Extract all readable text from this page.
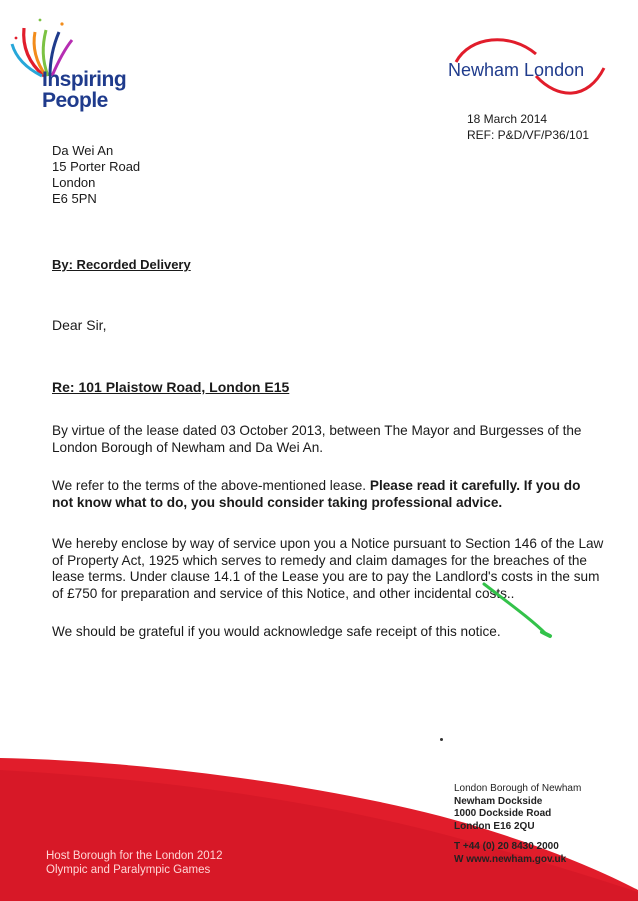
Inspiring
People
Newham London
18 March 2014
REF: P&D/VF/P36/101
Da Wei An
15 Porter Road
London
E6 5PN
By: Recorded Delivery
Dear Sir,
Re: 101 Plaistow Road, London E15
By virtue of the lease dated 03 October 2013, between The Mayor and Burgesses of the London Borough of Newham and Da Wei An.
We refer to the terms of the above-mentioned lease. Please read it carefully. If you do not know what to do, you should consider taking professional advice.
We hereby enclose by way of service upon you a Notice pursuant to Section 146 of the Law of Property Act, 1925 which serves to remedy and claim damages for the breaches of the lease terms. Under clause 14.1 of the Lease you are to pay the Landlord's costs in the sum of £750 for preparation and service of this Notice, and other incidental costs..
We should be grateful if you would acknowledge safe receipt of this notice.
Host Borough for the London 2012
Olympic and Paralympic Games
London Borough of Newham
Newham Dockside
1000 Dockside Road
London E16 2QU
T +44 (0) 20 8430 2000
W www.newham.gov.uk
